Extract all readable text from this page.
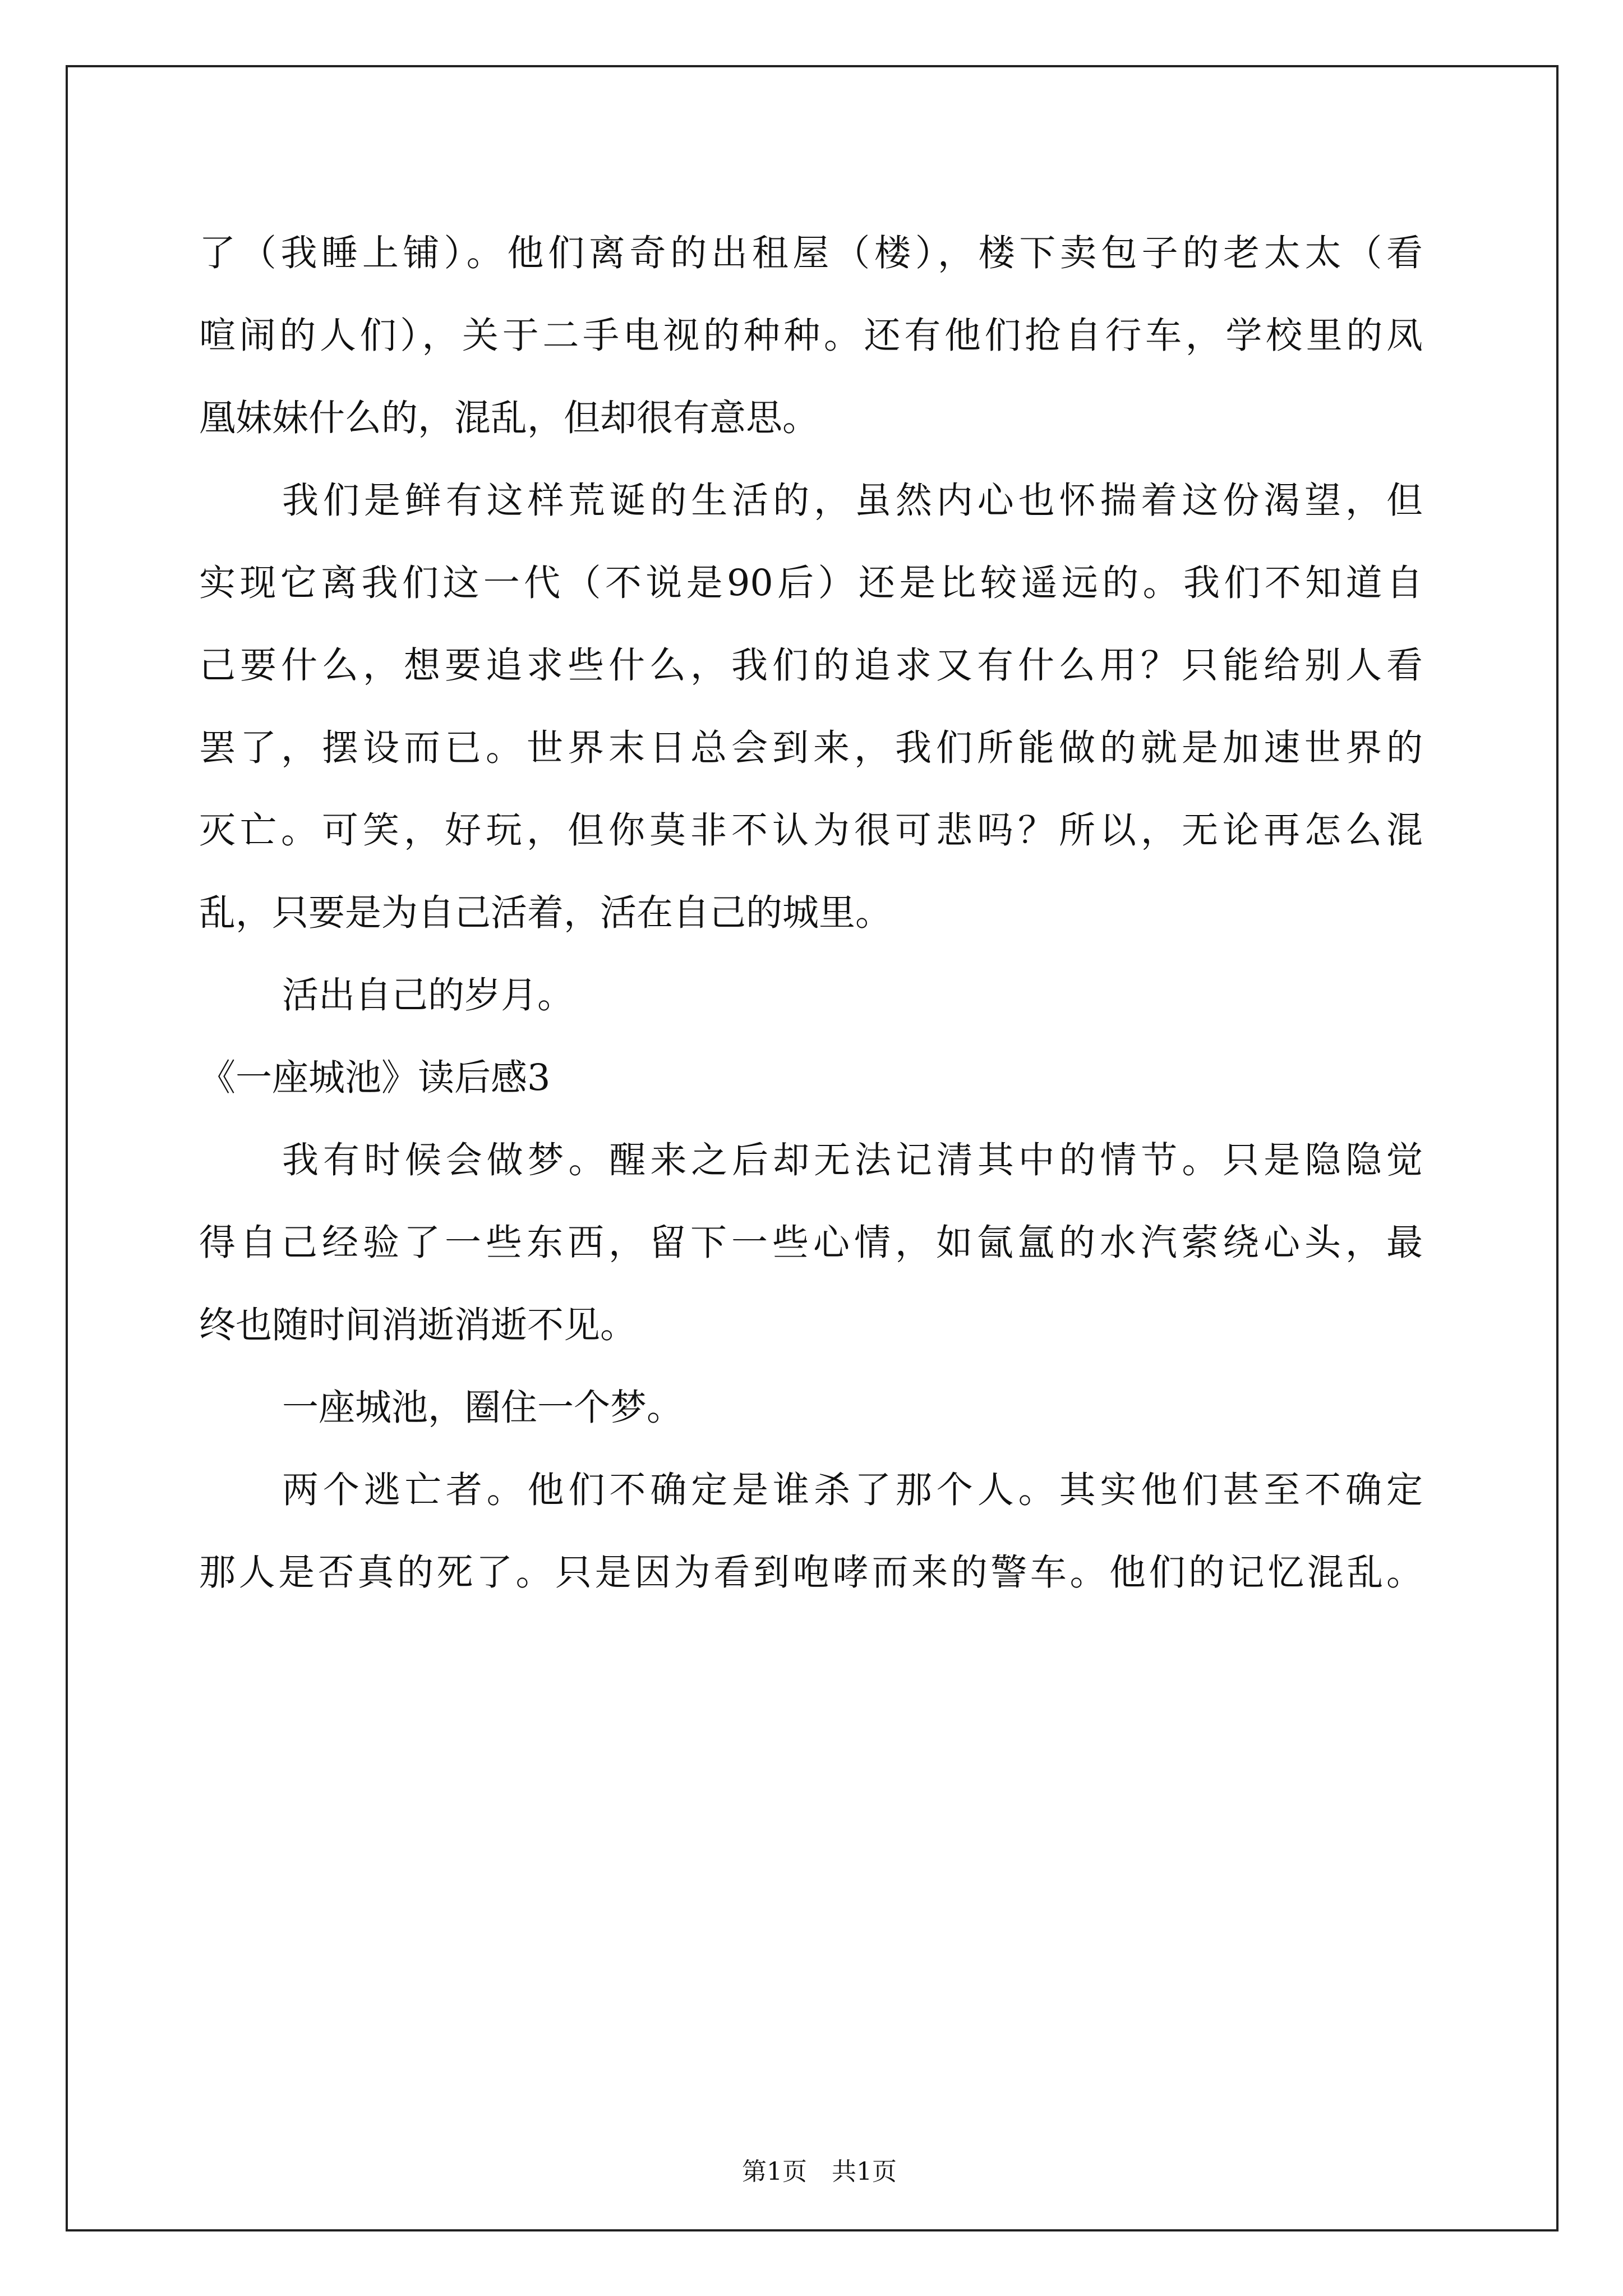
了（我睡上铺）。他们离奇的出租屋（楼），楼下卖包子的老太太（看
喧闹的人们），关于二手电视的种种。还有他们抢自行车，学校里的凤
凰妹妹什么的，混乱，但却很有意思。
我们是鲜有这样荒诞的生活的，虽然内心也怀揣着这份渴望，但
实现它离我们这一代（不说是90后）还是比较遥远的。我们不知道自
己要什么，想要追求些什么，我们的追求又有什么用？只能给别人看
罢了，摆设而已。世界末日总会到来，我们所能做的就是加速世界的
灭亡。可笑，好玩，但你莫非不认为很可悲吗？所以，无论再怎么混
乱，只要是为自己活着，活在自己的城里。
活出自己的岁月。
《一座城池》读后感3
我有时候会做梦。醒来之后却无法记清其中的情节。只是隐隐觉
得自己经验了一些东西，留下一些心情，如氤氲的水汽萦绕心头，最
终也随时间消逝消逝不见。
一座城池，圈住一个梦。
两个逃亡者。他们不确定是谁杀了那个人。其实他们甚至不确定
那人是否真的死了。只是因为看到咆哮而来的警车。他们的记忆混乱。

第1页　共1页
